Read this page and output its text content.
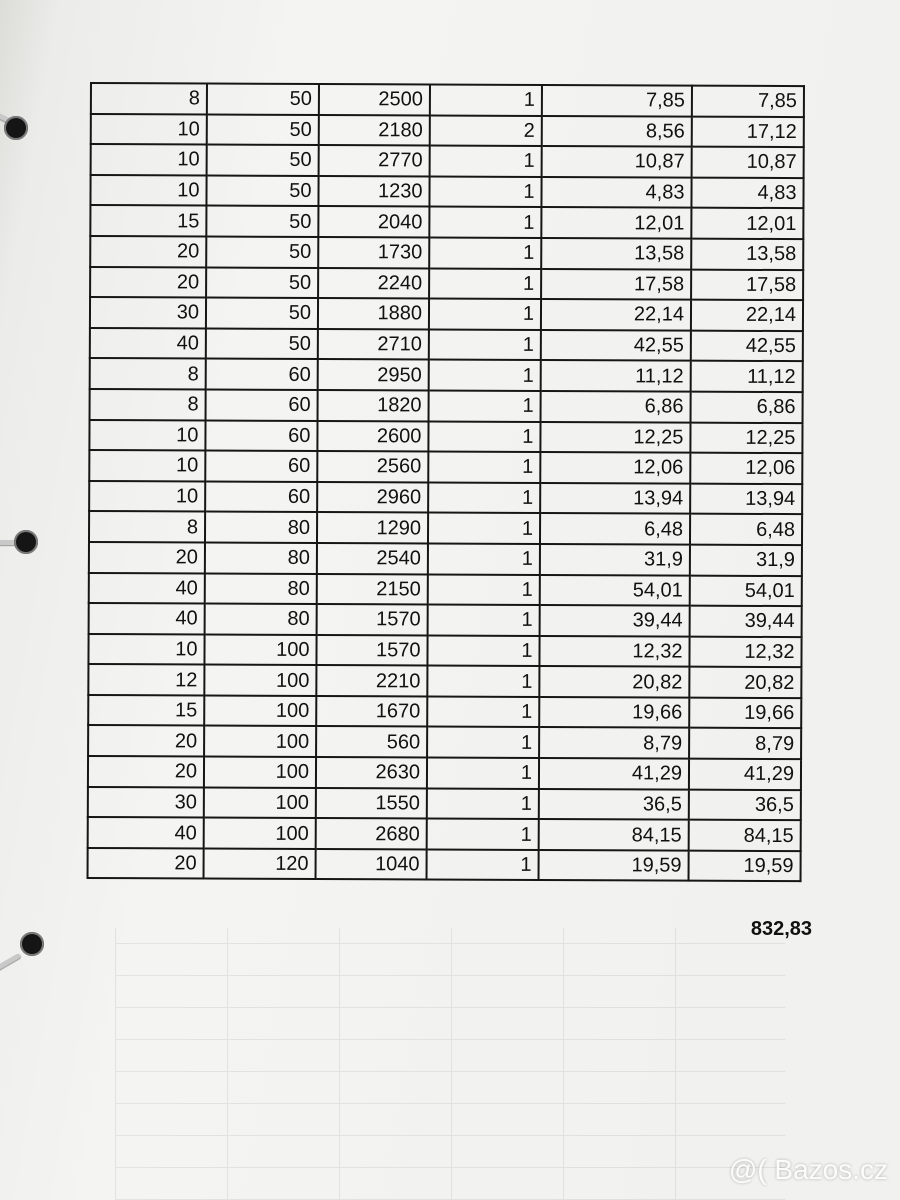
8	50	2500	1	7,85	7,85
10	50	2180	2	8,56	17,12
10	50	2770	1	10,87	10,87
10	50	1230	1	4,83	4,83
15	50	2040	1	12,01	12,01
20	50	1730	1	13,58	13,58
20	50	2240	1	17,58	17,58
30	50	1880	1	22,14	22,14
40	50	2710	1	42,55	42,55
8	60	2950	1	11,12	11,12
8	60	1820	1	6,86	6,86
10	60	2600	1	12,25	12,25
10	60	2560	1	12,06	12,06
10	60	2960	1	13,94	13,94
8	80	1290	1	6,48	6,48
20	80	2540	1	31,9	31,9
40	80	2150	1	54,01	54,01
40	80	1570	1	39,44	39,44
10	100	1570	1	12,32	12,32
12	100	2210	1	20,82	20,82
15	100	1670	1	19,66	19,66
20	100	560	1	8,79	8,79
20	100	2630	1	41,29	41,29
30	100	1550	1	36,5	36,5
40	100	2680	1	84,15	84,15
20	120	1040	1	19,59	19,59
832,83
@( Bazos.cz
